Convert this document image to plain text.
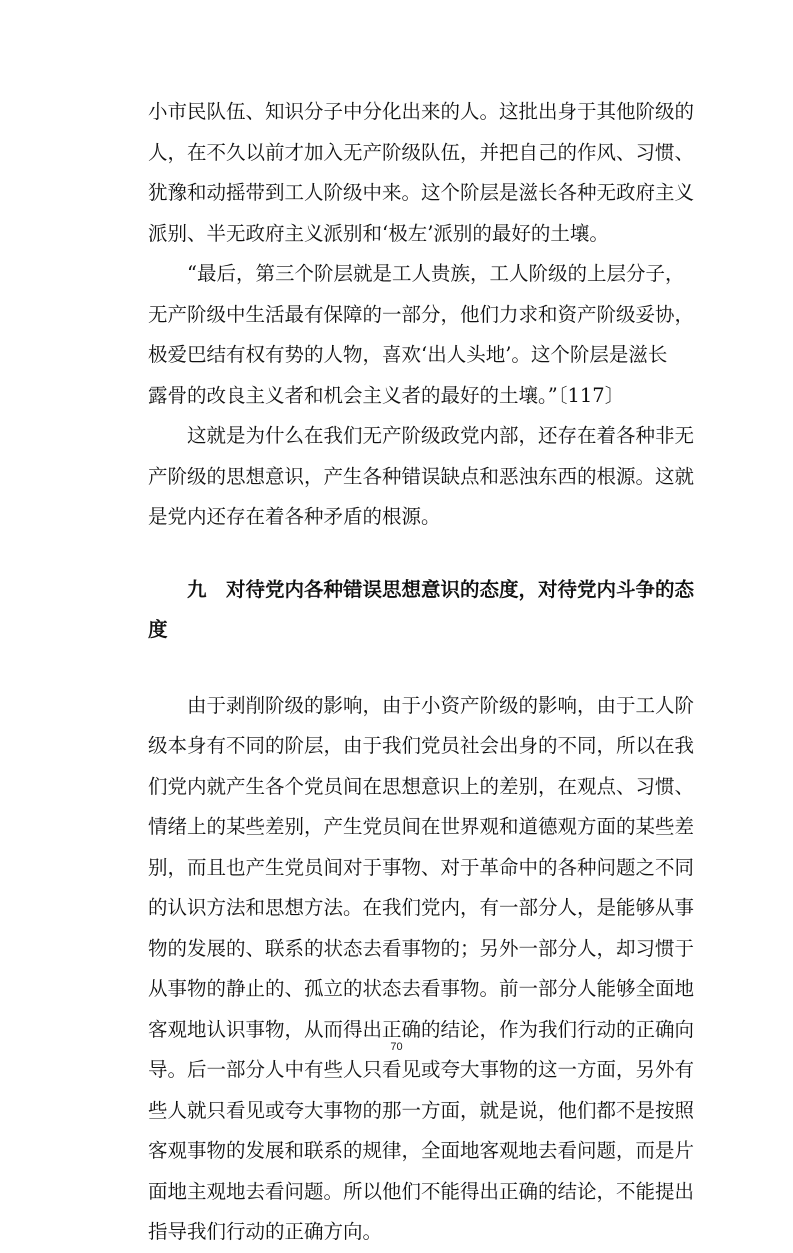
小市民队伍、知识分子中分化出来的人。这批出身于其他阶级的
人，在不久以前才加入无产阶级队伍，并把自己的作风、习惯、
犹豫和动摇带到工人阶级中来。这个阶层是滋长各种无政府主义
派别、半无政府主义派别和‘极左’派别的最好的土壤。

“最后，第三个阶层就是工人贵族，工人阶级的上层分子，
无产阶级中生活最有保障的一部分，他们力求和资产阶级妥协，
极爱巴结有权有势的人物，喜欢‘出人头地’。这个阶层是滋长
露骨的改良主义者和机会主义者的最好的土壤。”〔117〕

这就是为什么在我们无产阶级政党内部，还存在着各种非无
产阶级的思想意识，产生各种错误缺点和恶浊东西的根源。这就
是党内还存在着各种矛盾的根源。

九　对待党内各种错误思想意识的态度，对待党内斗争的态
度

由于剥削阶级的影响，由于小资产阶级的影响，由于工人阶
级本身有不同的阶层，由于我们党员社会出身的不同，所以在我
们党内就产生各个党员间在思想意识上的差别，在观点、习惯、
情绪上的某些差别，产生党员间在世界观和道德观方面的某些差
别，而且也产生党员间对于事物、对于革命中的各种问题之不同
的认识方法和思想方法。在我们党内，有一部分人，是能够从事
物的发展的、联系的状态去看事物的；另外一部分人，却习惯于
从事物的静止的、孤立的状态去看事物。前一部分人能够全面地
客观地认识事物，从而得出正确的结论，作为我们行动的正确向
导。后一部分人中有些人只看见或夸大事物的这一方面，另外有
些人就只看见或夸大事物的那一方面，就是说，他们都不是按照
客观事物的发展和联系的规律，全面地客观地去看问题，而是片
面地主观地去看问题。所以他们不能得出正确的结论，不能提出
指导我们行动的正确方向。

70
